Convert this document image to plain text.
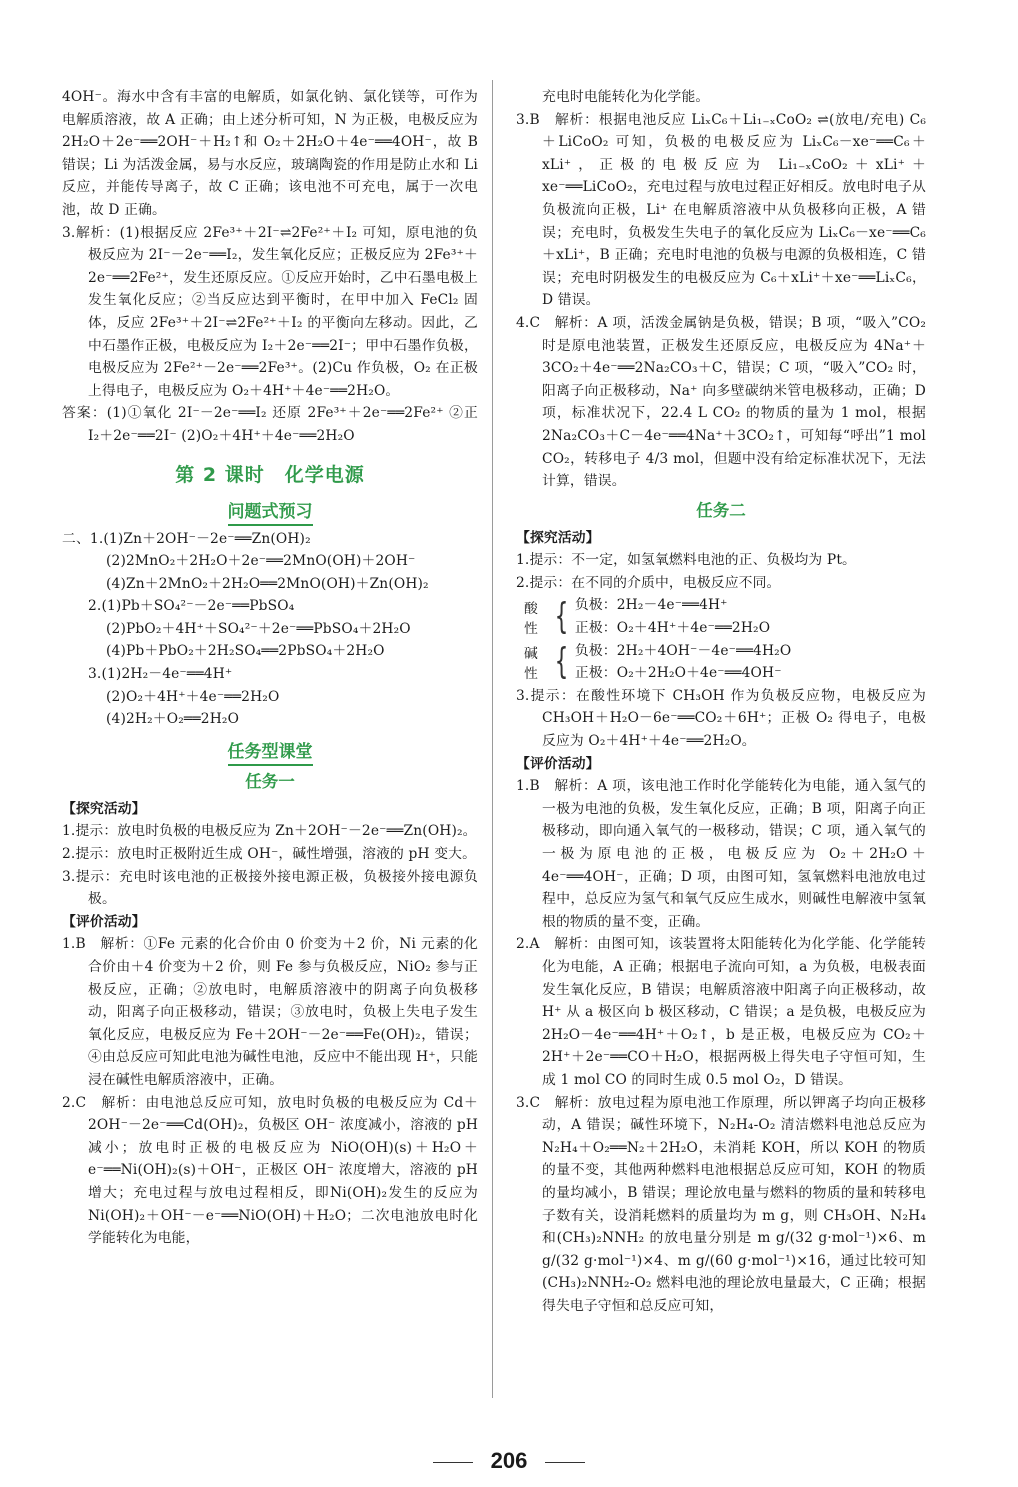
4OH⁻。海水中含有丰富的电解质，如氯化钠、氯化镁等，可作为电解质溶液，故 A 正确；由上述分析可知，N 为正极，电极反应为 2H₂O＋2e⁻══2OH⁻＋H₂↑和 O₂＋2H₂O＋4e⁻══4OH⁻，故 B 错误；Li 为活泼金属，易与水反应，玻璃陶瓷的作用是防止水和 Li 反应，并能传导离子，故 C 正确；该电池不可充电，属于一次电池，故 D 正确。

3.解析：(1)根据反应 2Fe³⁺＋2I⁻⇌2Fe²⁺＋I₂ 可知，原电池的负极反应为 2I⁻－2e⁻══I₂，发生氧化反应；正极反应为 2Fe³⁺＋2e⁻══2Fe²⁺，发生还原反应。①反应开始时，乙中石墨电极上发生氧化反应；②当反应达到平衡时，在甲中加入 FeCl₂ 固体，反应 2Fe³⁺＋2I⁻⇌2Fe²⁺＋I₂ 的平衡向左移动。因此，乙中石墨作正极，电极反应为 I₂＋2e⁻══2I⁻；甲中石墨作负极，电极反应为 2Fe²⁺－2e⁻══2Fe³⁺。(2)Cu 作负极，O₂ 在正极上得电子，电极反应为 O₂＋4H⁺＋4e⁻══2H₂O。

答案：(1)①氧化 2I⁻－2e⁻══I₂ 还原 2Fe³⁺＋2e⁻══2Fe²⁺ ②正 I₂＋2e⁻══2I⁻ (2)O₂＋4H⁺＋4e⁻══2H₂O

第 2 课时　化学电源
问题式预习

二、1.(1)Zn＋2OH⁻－2e⁻══Zn(OH)₂

(2)2MnO₂＋2H₂O＋2e⁻══2MnO(OH)＋2OH⁻

(4)Zn＋2MnO₂＋2H₂O══2MnO(OH)＋Zn(OH)₂

2.(1)Pb＋SO₄²⁻－2e⁻══PbSO₄

(2)PbO₂＋4H⁺＋SO₄²⁻＋2e⁻══PbSO₄＋2H₂O

(4)Pb＋PbO₂＋2H₂SO₄══2PbSO₄＋2H₂O

3.(1)2H₂－4e⁻══4H⁺

(2)O₂＋4H⁺＋4e⁻══2H₂O

(4)2H₂＋O₂══2H₂O

任务型课堂
任务一

【探究活动】

1.提示：放电时负极的电极反应为 Zn＋2OH⁻－2e⁻══Zn(OH)₂。

2.提示：放电时正极附近生成 OH⁻，碱性增强，溶液的 pH 变大。

3.提示：充电时该电池的正极接外接电源正极，负极接外接电源负极。

【评价活动】

1.B　解析：①Fe 元素的化合价由 0 价变为＋2 价，Ni 元素的化合价由＋4 价变为＋2 价，则 Fe 参与负极反应，NiO₂ 参与正极反应，正确；②放电时，电解质溶液中的阴离子向负极移动，阳离子向正极移动，错误；③放电时，负极上失电子发生氧化反应，电极反应为 Fe＋2OH⁻－2e⁻══Fe(OH)₂，错误；④由总反应可知此电池为碱性电池，反应中不能出现 H⁺，只能浸在碱性电解质溶液中，正确。

2.C　解析：由电池总反应可知，放电时负极的电极反应为 Cd＋2OH⁻－2e⁻══Cd(OH)₂，负极区 OH⁻ 浓度减小，溶液的 pH 减小；放电时正极的电极反应为 NiO(OH)(s)＋H₂O＋e⁻══Ni(OH)₂(s)＋OH⁻，正极区 OH⁻ 浓度增大，溶液的 pH 增大；充电过程与放电过程相反，即Ni(OH)₂发生的反应为Ni(OH)₂＋OH⁻－e⁻══NiO(OH)＋H₂O；二次电池放电时化学能转化为电能，

充电时电能转化为化学能。

3.B　解析：根据电池反应 LiₓC₆＋Li₁₋ₓCoO₂ ⇌(放电/充电) C₆＋LiCoO₂ 可知，负极的电极反应为 LiₓC₆－xe⁻══C₆＋xLi⁺，正极的电极反应为 Li₁₋ₓCoO₂＋xLi⁺＋xe⁻══LiCoO₂，充电过程与放电过程正好相反。放电时电子从负极流向正极，Li⁺ 在电解质溶液中从负极移向正极，A 错误；充电时，负极发生失电子的氧化反应为 LiₓC₆－xe⁻══C₆＋xLi⁺，B 正确；充电时电池的负极与电源的负极相连，C 错误；充电时阴极发生的电极反应为 C₆＋xLi⁺＋xe⁻══LiₓC₆，D 错误。

4.C　解析：A 项，活泼金属钠是负极，错误；B 项，“吸入”CO₂ 时是原电池装置，正极发生还原反应，电极反应为 4Na⁺＋3CO₂＋4e⁻══2Na₂CO₃＋C，错误；C 项，“吸入”CO₂ 时，阳离子向正极移动，Na⁺ 向多壁碳纳米管电极移动，正确；D 项，标准状况下，22.4 L CO₂ 的物质的量为 1 mol，根据 2Na₂CO₃＋C－4e⁻══4Na⁺＋3CO₂↑，可知每“呼出”1 mol CO₂，转移电子 4/3 mol，但题中没有给定标准状况下，无法计算，错误。

任务二

【探究活动】

1.提示：不一定，如氢氧燃料电池的正、负极均为 Pt。

2.提示：在不同的介质中，电极反应不同。

酸性 { 负极：2H₂－4e⁻══4H⁺

正极：O₂＋4H⁺＋4e⁻══2H₂O

碱性 { 负极：2H₂＋4OH⁻－4e⁻══4H₂O

正极：O₂＋2H₂O＋4e⁻══4OH⁻

3.提示：在酸性环境下 CH₃OH 作为负极反应物，电极反应为 CH₃OH＋H₂O－6e⁻══CO₂＋6H⁺；正极 O₂ 得电子，电极反应为 O₂＋4H⁺＋4e⁻══2H₂O。

【评价活动】

1.B　解析：A 项，该电池工作时化学能转化为电能，通入氢气的一极为电池的负极，发生氧化反应，正确；B 项，阳离子向正极移动，即向通入氧气的一极移动，错误；C 项，通入氧气的一极为原电池的正极，电极反应为 O₂＋2H₂O＋4e⁻══4OH⁻，正确；D 项，由图可知，氢氧燃料电池放电过程中，总反应为氢气和氧气反应生成水，则碱性电解液中氢氧根的物质的量不变，正确。

2.A　解析：由图可知，该装置将太阳能转化为化学能、化学能转化为电能，A 正确；根据电子流向可知，a 为负极，电极表面发生氧化反应，B 错误；电解质溶液中阳离子向正极移动，故 H⁺ 从 a 极区向 b 极区移动，C 错误；a 是负极，电极反应为 2H₂O－4e⁻══4H⁺＋O₂↑，b 是正极，电极反应为 CO₂＋2H⁺＋2e⁻══CO＋H₂O，根据两极上得失电子守恒可知，生成 1 mol CO 的同时生成 0.5 mol O₂，D 错误。

3.C　解析：放电过程为原电池工作原理，所以钾离子均向正极移动，A 错误；碱性环境下，N₂H₄-O₂ 清洁燃料电池总反应为 N₂H₄＋O₂══N₂＋2H₂O，未消耗 KOH，所以 KOH 的物质的量不变，其他两种燃料电池根据总反应可知，KOH 的物质的量均减小，B 错误；理论放电量与燃料的物质的量和转移电子数有关，设消耗燃料的质量均为 m g，则 CH₃OH、N₂H₄ 和(CH₃)₂NNH₂ 的放电量分别是 m g/(32 g·mol⁻¹)×6、m g/(32 g·mol⁻¹)×4、m g/(60 g·mol⁻¹)×16，通过比较可知(CH₃)₂NNH₂-O₂ 燃料电池的理论放电量最大，C 正确；根据得失电子守恒和总反应可知，

206
